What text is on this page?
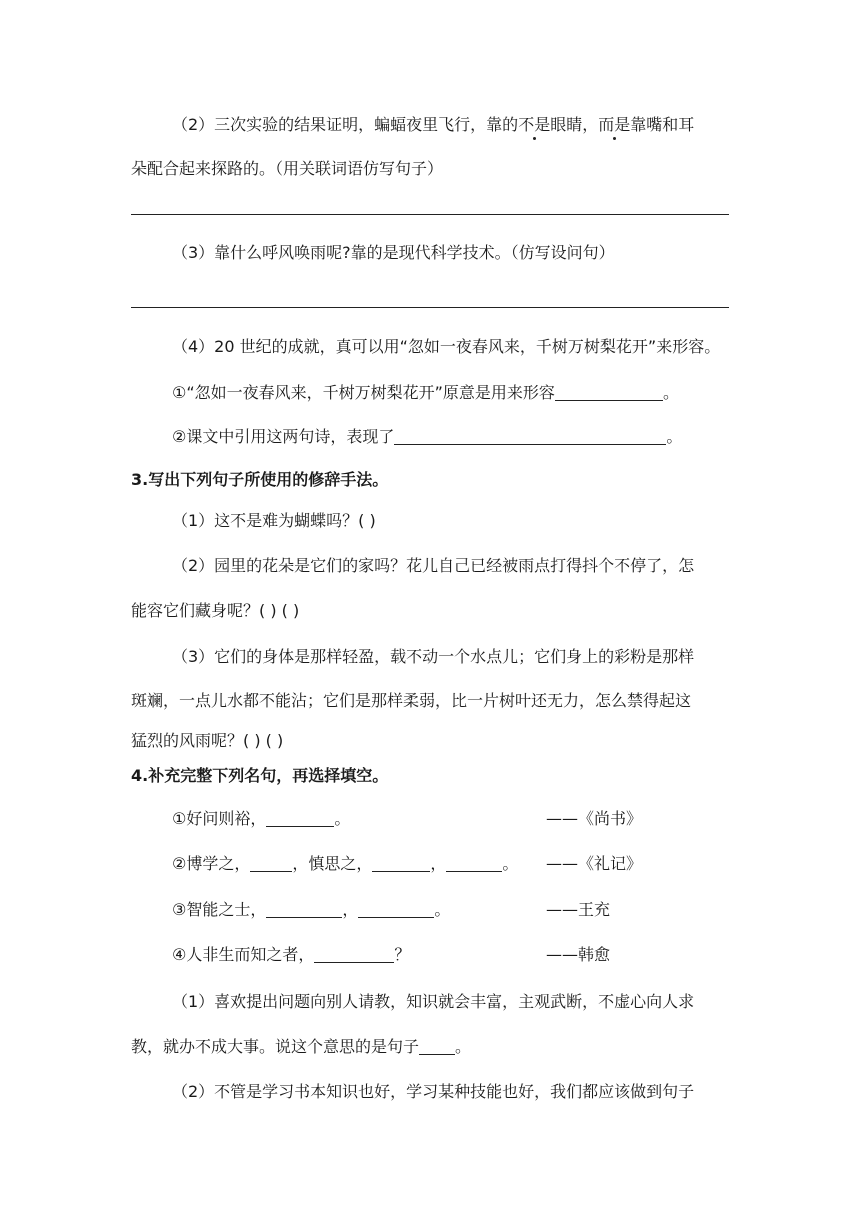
（2）三次实验的结果证明，蝙蝠夜里飞行，靠的不是眼睛，而是靠嘴和耳
朵配合起来探路的。（用关联词语仿写句子）
（3）靠什么呼风唤雨呢?靠的是现代科学技术。（仿写设问句）
（4）20 世纪的成就，真可以用“忽如一夜春风来，千树万树梨花开”来形容。
①“忽如一夜春风来，千树万树梨花开”原意是用来形容	。
②课文中引用这两句诗，表现了	。
3.写出下列句子所使用的修辞手法。
（1）这不是难为蝴蝶吗？( )
（2）园里的花朵是它们的家吗？花儿自己已经被雨点打得抖个不停了，怎
能容它们藏身呢？( ) ( )
（3）它们的身体是那样轻盈，载不动一个水点儿；它们身上的彩粉是那样
斑斓，一点儿水都不能沾；它们是那样柔弱，比一片树叶还无力，怎么禁得起这
猛烈的风雨呢？( ) ( )
4.补充完整下列名句，再选择填空。
①好问则裕，	。	——《尚书》
②博学之，	，慎思之，	，	。 ——《礼记》
③智能之士，	，	。	——王充
④人非生而知之者，	？	——韩愈
（1）喜欢提出问题向别人请教，知识就会丰富，主观武断，不虚心向人求
教，就办不成大事。说这个意思的是句子 。
（2）不管是学习书本知识也好，学习某种技能也好，我们都应该做到句子
